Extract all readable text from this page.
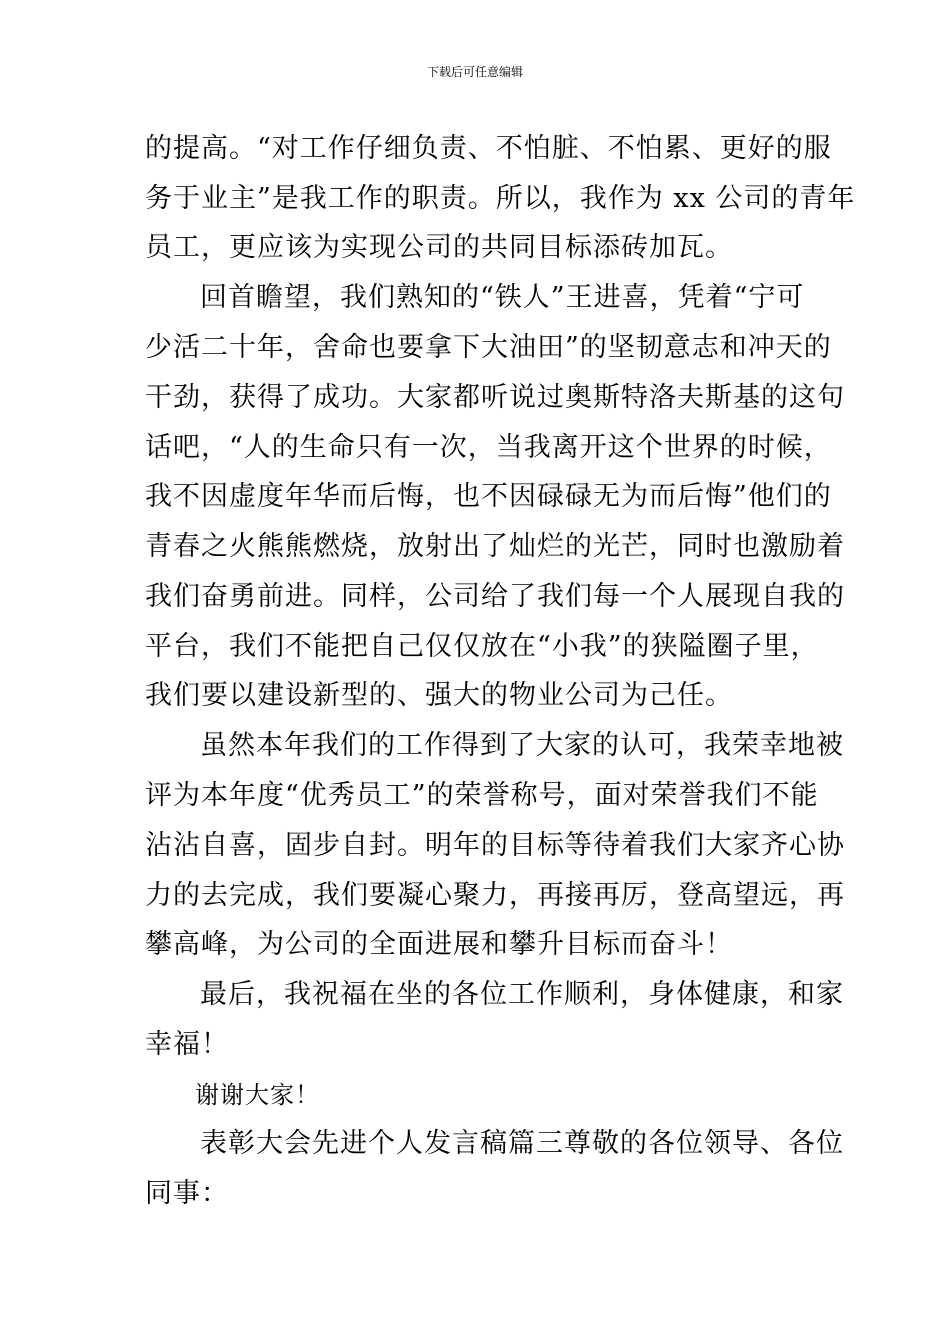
下载后可任意编辑
的提高。“对工作仔细负责、不怕脏、不怕累、更好的服
务于业主”是我工作的职责。所以，我作为 xx 公司的青年
员工，更应该为实现公司的共同目标添砖加瓦。
回首瞻望，我们熟知的“铁人”王进喜，凭着“宁可
少活二十年，舍命也要拿下大油田”的坚韧意志和冲天的
干劲，获得了成功。大家都听说过奥斯特洛夫斯基的这句
话吧，“人的生命只有一次，当我离开这个世界的时候，
我不因虚度年华而后悔，也不因碌碌无为而后悔”他们的
青春之火熊熊燃烧，放射出了灿烂的光芒，同时也激励着
我们奋勇前进。同样，公司给了我们每一个人展现自我的
平台，我们不能把自己仅仅放在“小我”的狭隘圈子里，
我们要以建设新型的、强大的物业公司为己任。
虽然本年我们的工作得到了大家的认可，我荣幸地被
评为本年度“优秀员工”的荣誉称号，面对荣誉我们不能
沾沾自喜，固步自封。明年的目标等待着我们大家齐心协
力的去完成，我们要凝心聚力，再接再厉，登高望远，再
攀高峰，为公司的全面进展和攀升目标而奋斗！
最后，我祝福在坐的各位工作顺利，身体健康，和家
幸福！
谢谢大家！
表彰大会先进个人发言稿篇三尊敬的各位领导、各位
同事：
